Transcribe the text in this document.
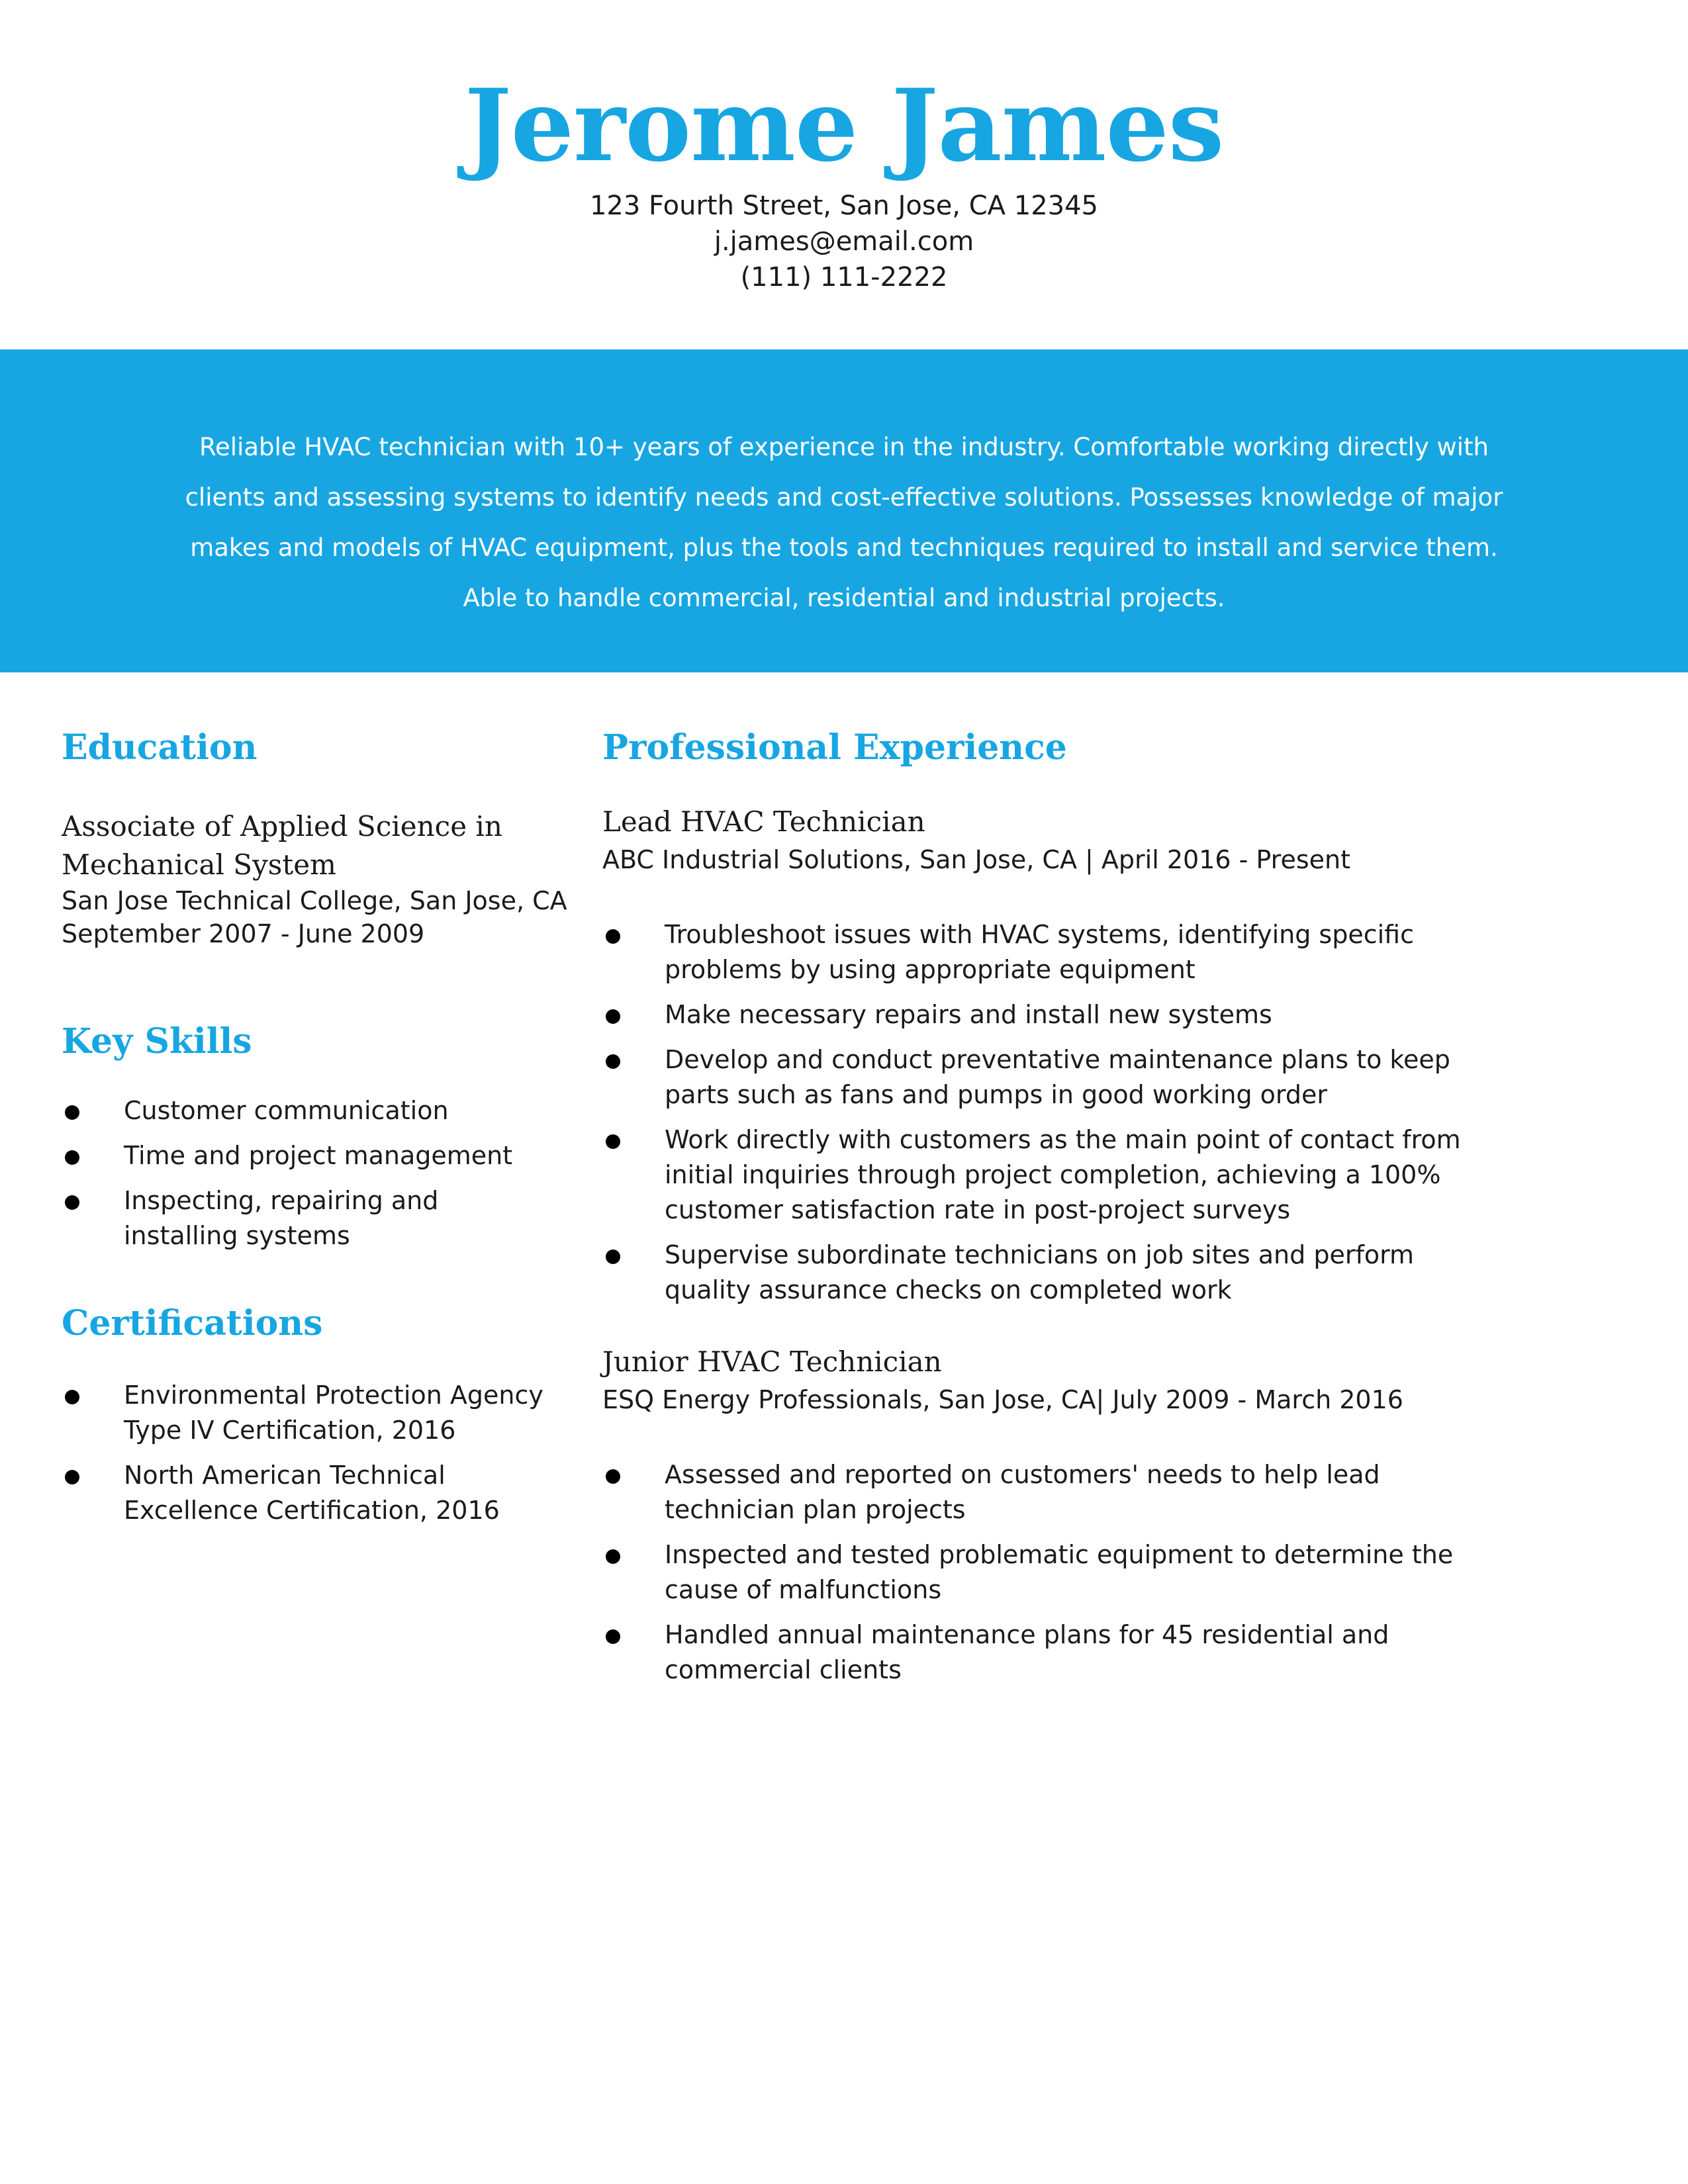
Jerome James
123 Fourth Street, San Jose, CA 12345
j.james@email.com
(111) 111-2222

Reliable HVAC technician with 10+ years of experience in the industry. Comfortable working directly with clients and assessing systems to identify needs and cost-effective solutions. Possesses knowledge of major makes and models of HVAC equipment, plus the tools and techniques required to install and service them. Able to handle commercial, residential and industrial projects.

Education

Associate of Applied Science in Mechanical System

San Jose Technical College, San Jose, CA

September 2007 - June 2009

Key Skills
Customer communication
Time and project management
Inspecting, repairing and installing systems
Certifications
Environmental Protection Agency Type IV Certification, 2016
North American Technical Excellence Certification, 2016
Professional Experience

Lead HVAC Technician

ABC Industrial Solutions, San Jose, CA | April 2016 - Present

Troubleshoot issues with HVAC systems, identifying specific problems by using appropriate equipment
Make necessary repairs and install new systems
Develop and conduct preventative maintenance plans to keep parts such as fans and pumps in good working order
Work directly with customers as the main point of contact from initial inquiries through project completion, achieving a 100% customer satisfaction rate in post-project surveys
Supervise subordinate technicians on job sites and perform quality assurance checks on completed work

Junior HVAC Technician

ESQ Energy Professionals, San Jose, CA| July 2009 - March 2016

Assessed and reported on customers' needs to help lead technician plan projects
Inspected and tested problematic equipment to determine the cause of malfunctions
Handled annual maintenance plans for 45 residential and commercial clients
